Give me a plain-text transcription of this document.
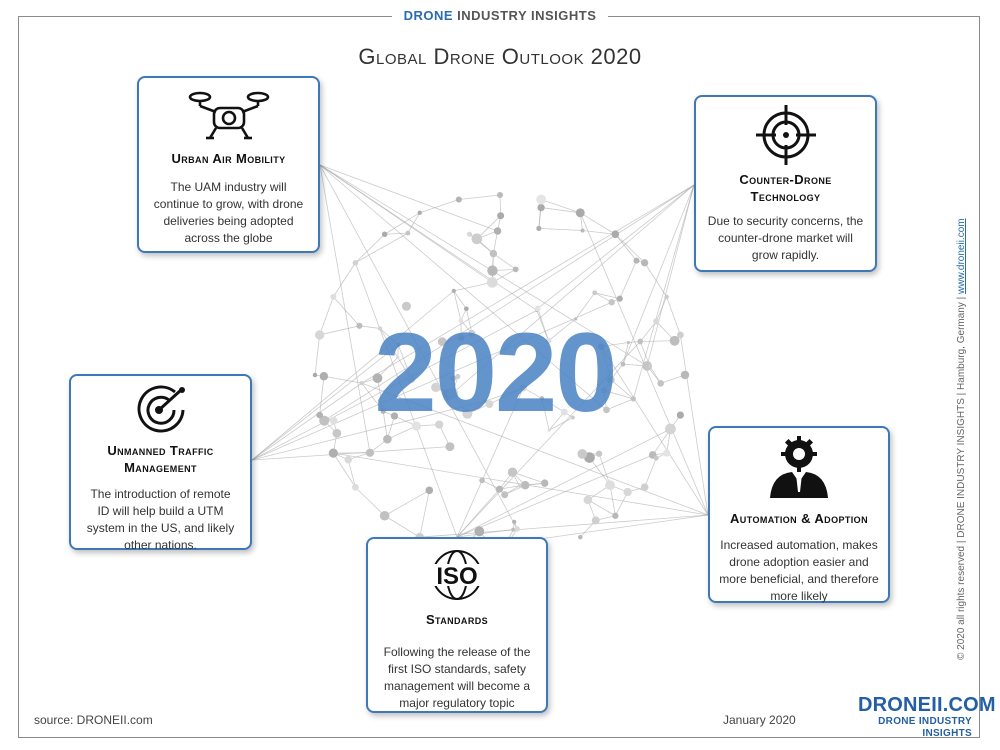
DRONE INDUSTRY INSIGHTS
Global Drone Outlook 2020
2020
Urban Air Mobility

The UAM industry will continue to grow, with drone deliveries being adopted across the globe

Counter-Drone
Technology

Due to security concerns, the counter-drone market will grow rapidly.

Unmanned Traffic
Management

The introduction of remote ID will help build a UTM system in the US, and likely other nations.

Automation & Adoption

Increased automation, makes drone adoption easier and more beneficial, and therefore more likely

ISO
Standards

Following the release of the first ISO standards, safety management will become a major regulatory topic

© 2020 all rights reserved | DRONE INDUSTRY INSIGHTS | Hamburg, Germany | www.droneii.com
source: DRONEII.com	January 2020
DRONEII.COM
DRONE INDUSTRY INSIGHTS
